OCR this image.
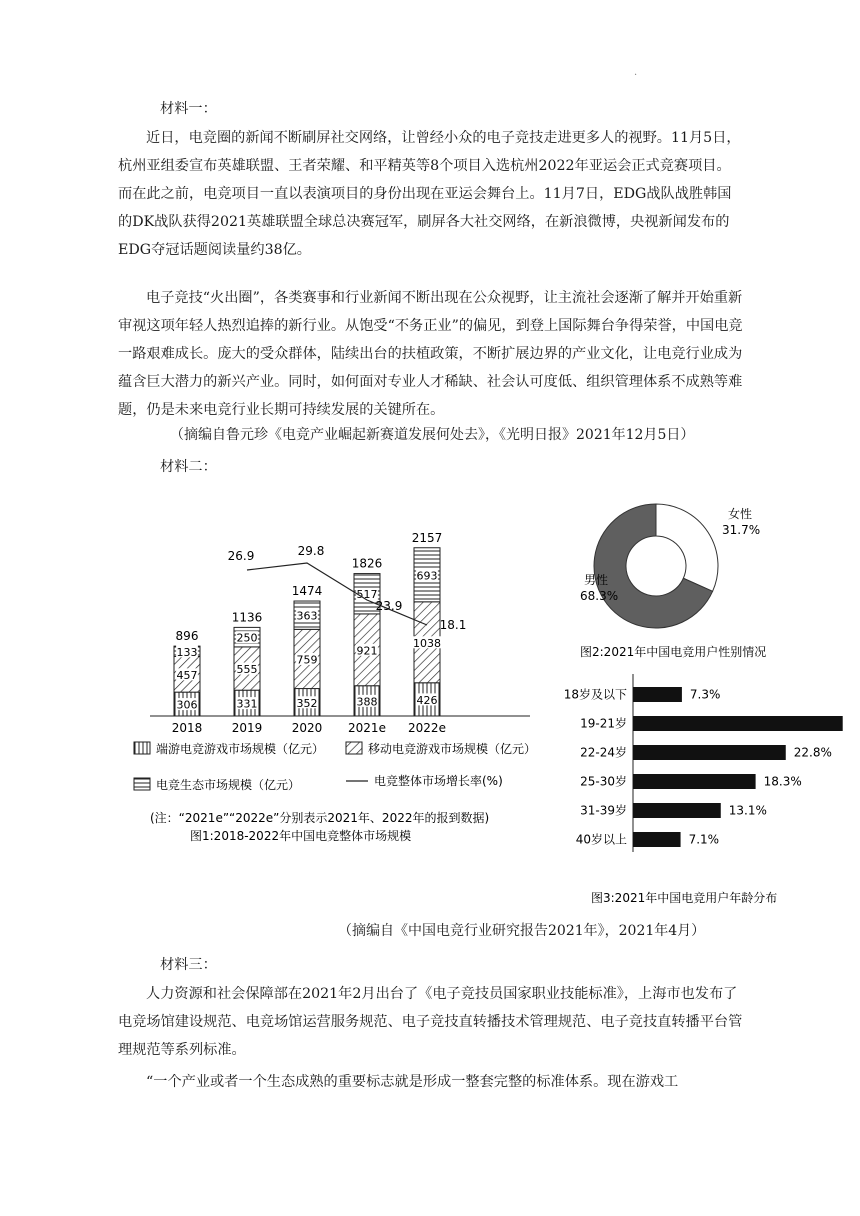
·
材料一：

近日，电竞圈的新闻不断刷屏社交网络，让曾经小众的电子竞技走进更多人的视野。11月5日，杭州亚组委宣布英雄联盟、王者荣耀、和平精英等8个项目入选杭州2022年亚运会正式竞赛项目。而在此之前，电竞项目一直以表演项目的身份出现在亚运会舞台上。11月7日，EDG战队战胜韩国的DK战队获得2021英雄联盟全球总决赛冠军，刷屏各大社交网络，在新浪微博，央视新闻发布的EDG夺冠话题阅读量约38亿。

电子竞技“火出圈”，各类赛事和行业新闻不断出现在公众视野，让主流社会逐渐了解并开始重新审视这项年轻人热烈追捧的新行业。从饱受“不务正业”的偏见，到登上国际舞台争得荣誉，中国电竞一路艰难成长。庞大的受众群体，陆续出台的扶植政策，不断扩展边界的产业文化，让电竞行业成为蕴含巨大潜力的新兴产业。同时，如何面对专业人才稀缺、社会认可度低、组织管理体系不成熟等难题，仍是未来电竞行业长期可持续发展的关键所在。

（摘编自鲁元珍《电竞产业崛起新赛道发展何处去》，《光明日报》2021年12月5日）
材料二：
306
457
133
896
2018
331
555
250
1136
2019
352
759
363
1474
2020
388
921
517
1826
2021e
426
1038
693
2157
2022e
26.9	29.8
23.9
18.1
端游电竞游戏市场规模（亿元）	移动电竞游戏市场规模（亿元）
电竞生态市场规模（亿元）	电竞整体市场增长率(%)
(注：“2021e”“2022e”分别表示2021年、2022年的报到数据)
图1:2018-2022年中国电竞整体市场规模
女性
31.7%
男性
68.3%
图2:2021年中国电竞用户性别情况
18岁及以下	7.3%
19-21岁
22-24岁	22.8%
25-30岁	18.3%
31-39岁	13.1%
40岁以上	7.1%
图3:2021年中国电竞用户年龄分布
（摘编自《中国电竞行业研究报告2021年》，2021年4月）
材料三：

人力资源和社会保障部在2021年2月出台了《电子竞技员国家职业技能标准》，上海市也发布了电竞场馆建设规范、电竞场馆运营服务规范、电子竞技直转播技术管理规范、电子竞技直转播平台管理规范等系列标准。

“一个产业或者一个生态成熟的重要标志就是形成一整套完整的标准体系。现在游戏工
